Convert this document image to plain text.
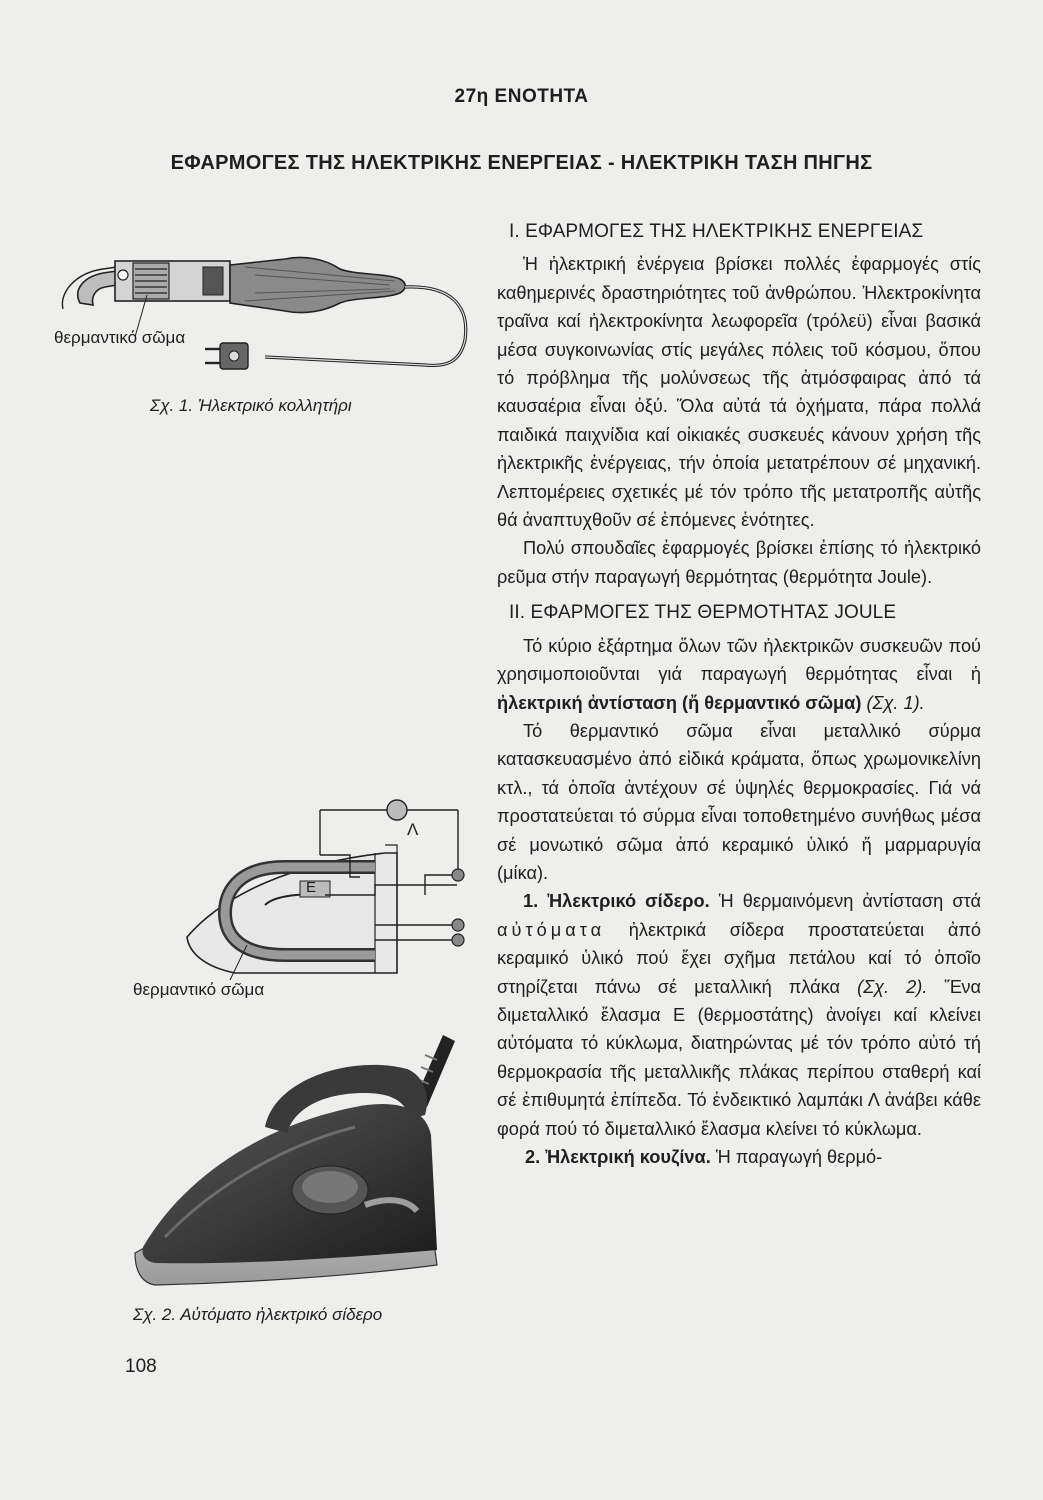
27η ΕΝΟΤΗΤΑ
ΕΦΑΡΜΟΓΕΣ ΤΗΣ ΗΛΕΚΤΡΙΚΗΣ ΕΝΕΡΓΕΙΑΣ - ΗΛΕΚΤΡΙΚΗ ΤΑΣΗ ΠΗΓΗΣ
θερμαντικό σῶμα
Σχ. 1. Ἠλεκτρικό κολλητήρι
Λ
Ε
θερμαντικό σῶμα
Σχ. 2. Αὐτόματο ἠλεκτρικό σίδερο
Ι. ΕΦΑΡΜΟΓΕΣ ΤΗΣ ΗΛΕΚΤΡΙΚΗΣ ΕΝΕΡΓΕΙΑΣ

Ἡ ἠλεκτρική ἐνέργεια βρίσκει πολλές ἐφαρμογές στίς καθημερινές δραστηριότητες τοῦ ἀνθρώπου. Ἠλεκτροκίνητα τραῖνα καί ἠλεκτροκίνητα λεωφορεῖα (τρόλεϋ) εἶναι βασικά μέσα συγκοινωνίας στίς μεγάλες πόλεις τοῦ κόσμου, ὅπου τό πρόβλημα τῆς μολύνσεως τῆς ἀτμόσφαιρας ἀπό τά καυσαέρια εἶναι ὀξύ. Ὅλα αὐτά τά ὀχήματα, πάρα πολλά παιδικά παιχνίδια καί οἰκιακές συσκευές κάνουν χρήση τῆς ἠλεκτρικῆς ἐνέργειας, τήν ὁποία μετατρέπουν σέ μηχανική. Λεπτομέρειες σχετικές μέ τόν τρόπο τῆς μετατροπῆς αὐτῆς θά ἀναπτυχθοῦν σέ ἑπόμενες ἑνότητες.

Πολύ σπουδαῖες ἐφαρμογές βρίσκει ἐπίσης τό ἠλεκτρικό ρεῦμα στήν παραγωγή θερμότητας (θερμότητα Joule).

ΙΙ. ΕΦΑΡΜΟΓΕΣ ΤΗΣ ΘΕΡΜΟΤΗΤΑΣ JOULE

Τό κύριο ἐξάρτημα ὅλων τῶν ἠλεκτρικῶν συσκευῶν πού χρησιμοποιοῦνται γιά παραγωγή θερμότητας εἶναι ἡ ἠλεκτρική ἀντίσταση (ἤ θερμαντικό σῶμα) (Σχ. 1).

Τό θερμαντικό σῶμα εἶναι μεταλλικό σύρμα κατασκευασμένο ἀπό εἰδικά κράματα, ὅπως χρωμονικελίνη κτλ., τά ὁποῖα ἀντέχουν σέ ὑψηλές θερμοκρασίες. Γιά νά προστατεύεται τό σύρμα εἶναι τοποθετημένο συνήθως μέσα σέ μονωτικό σῶμα ἀπό κεραμικό ὑλικό ἤ μαρμαρυγία (μίκα).

1. Ἠλεκτρικό σίδερο. Ἡ θερμαινόμενη ἀντίσταση στά αὐτόματα ἠλεκτρικά σίδερα προστατεύεται ἀπό κεραμικό ὑλικό πού ἔχει σχῆμα πετάλου καί τό ὁποῖο στηρίζεται πάνω σέ μεταλλική πλάκα (Σχ. 2). Ἕνα διμεταλλικό ἔλασμα Ε (θερμοστάτης) ἀνοίγει καί κλείνει αὐτόματα τό κύκλωμα, διατηρώντας μέ τόν τρόπο αὐτό τή θερμοκρασία τῆς μεταλλικῆς πλάκας περίπου σταθερή καί σέ ἐπιθυμητά ἐπίπεδα. Τό ἐνδεικτικό λαμπάκι Λ ἀνάβει κάθε φορά πού τό διμεταλλικό ἔλασμα κλείνει τό κύκλωμα.

2. Ἠλεκτρική κουζίνα. Ἡ παραγωγή θερμό-

108
